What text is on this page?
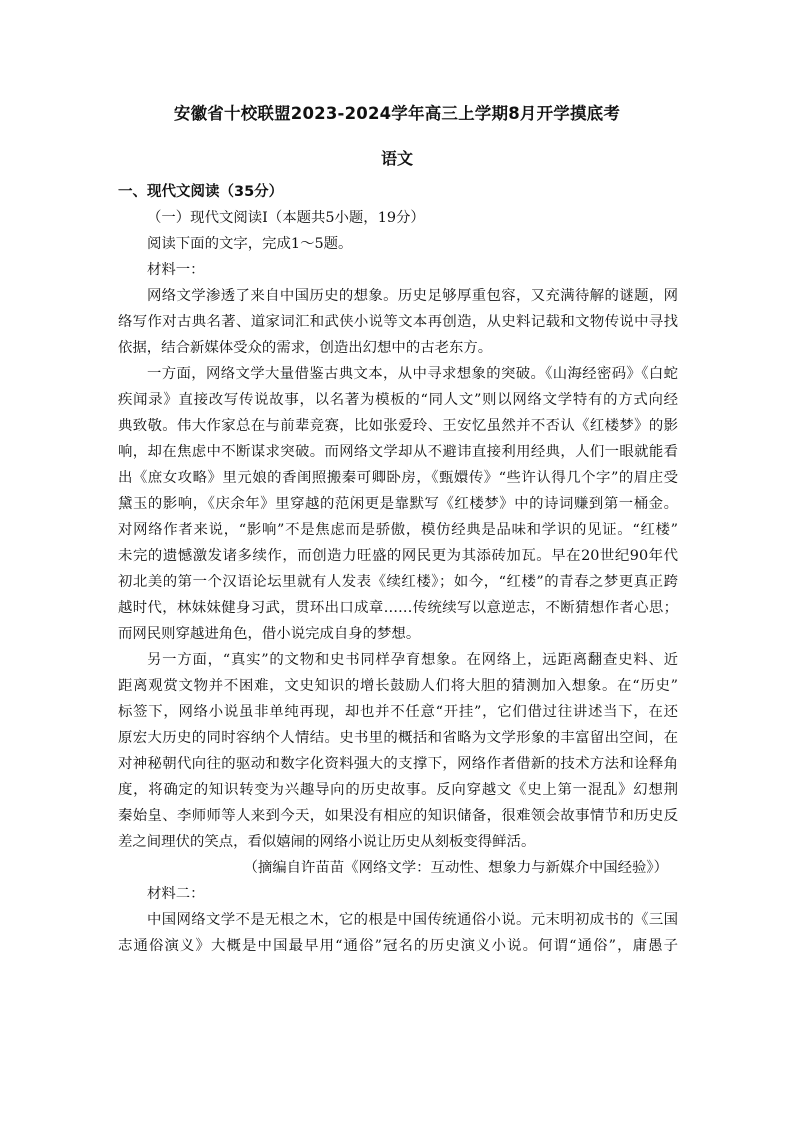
安徽省十校联盟2023-2024学年高三上学期8月开学摸底考
语文
一、现代文阅读（35分）
（一）现代文阅读Ⅰ（本题共5小题，19分）
阅读下面的文字，完成1～5题。
材料一：
网络文学渗透了来自中国历史的想象。历史足够厚重包容，又充满待解的谜题，网
络写作对古典名著、道家词汇和武侠小说等文本再创造，从史料记载和文物传说中寻找
依据，结合新媒体受众的需求，创造出幻想中的古老东方。
一方面，网络文学大量借鉴古典文本，从中寻求想象的突破。《山海经密码》《白蛇
疾闻录》直接改写传说故事，以名著为模板的“同人文”则以网络文学特有的方式向经
典致敬。伟大作家总在与前辈竞赛，比如张爱玲、王安忆虽然并不否认《红楼梦》的影
响，却在焦虑中不断谋求突破。而网络文学却从不避讳直接利用经典，人们一眼就能看
出《庶女攻略》里元娘的香闺照搬秦可卿卧房，《甄嬛传》“些许认得几个字”的眉庄受
黛玉的影响，《庆余年》里穿越的范闲更是靠默写《红楼梦》中的诗词赚到第一桶金。
对网络作者来说，“影响”不是焦虑而是骄傲，模仿经典是品味和学识的见证。“红楼”
未完的遗憾激发诸多续作，而创造力旺盛的网民更为其添砖加瓦。早在20世纪90年代
初北美的第一个汉语论坛里就有人发表《续红楼》；如今，“红楼”的青春之梦更真正跨
越时代，林妹妹健身习武，贯环出口成章……传统续写以意逆志，不断猜想作者心思；
而网民则穿越进角色，借小说完成自身的梦想。
另一方面，“真实”的文物和史书同样孕育想象。在网络上，远距离翻查史料、近
距离观赏文物并不困难，文史知识的增长鼓励人们将大胆的猜测加入想象。在“历史”
标签下，网络小说虽非单纯再现，却也并不任意“开挂”，它们借过往讲述当下，在还
原宏大历史的同时容纳个人情结。史书里的概括和省略为文学形象的丰富留出空间，在
对神秘朝代向往的驱动和数字化资料强大的支撑下，网络作者借新的技术方法和诠释角
度，将确定的知识转变为兴趣导向的历史故事。反向穿越文《史上第一混乱》幻想荆
秦始皇、李师师等人来到今天，如果没有相应的知识储备，很难领会故事情节和历史反
差之间理伏的笑点，看似嬉闹的网络小说让历史从刻板变得鲜活。
（摘编自许苗苗《网络文学：互动性、想象力与新媒介中国经验》）
材料二：
中国网络文学不是无根之木，它的根是中国传统通俗小说。元末明初成书的《三国
志通俗演义》大概是中国最早用“通俗”冠名的历史演义小说。何谓“通俗”，庸愚子
